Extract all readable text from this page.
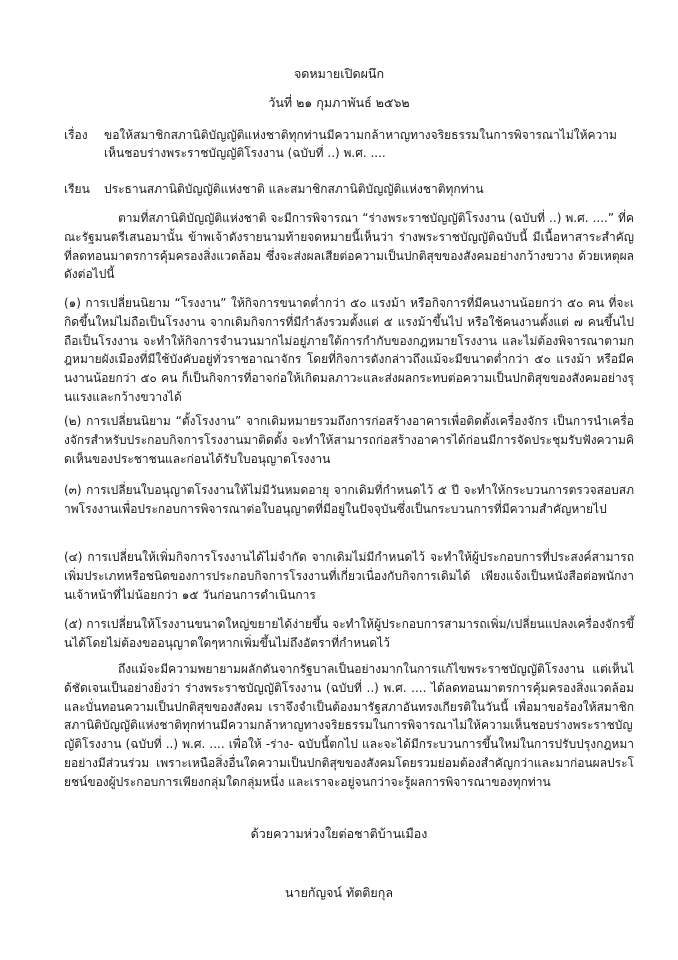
จดหมายเปิดผนึก
วันที่ ๒๑ กุมภาพันธ์ ๒๕๖๒
เรื่อง	ขอให้สมาชิกสภานิติบัญญัติแห่งชาติทุกท่านมีความกล้าหาญทางจริยธรรมในการพิจารณาไม่ให้ความเห็นชอบร่างพระราชบัญญัติโรงงาน (ฉบับที่ ..) พ.ศ. ....
เรียน	ประธานสภานิติบัญญัติแห่งชาติ และสมาชิกสภานิติบัญญัติแห่งชาติทุกท่าน
ตามที่สภานิติบัญญัติแห่งชาติ จะมีการพิจารณา “ร่างพระราชบัญญัติโรงงาน (ฉบับที่ ..) พ.ศ. ....” ที่คณะรัฐมนตรีเสนอมานั้น ข้าพเจ้าดังรายนามท้ายจดหมายนี้เห็นว่า ร่างพระราชบัญญัติฉบับนี้ มีเนื้อหาสาระสำคัญที่ลดทอนมาตรการคุ้มครองสิ่งแวดล้อม ซึ่งจะส่งผลเสียต่อความเป็นปกติสุขของสังคมอย่างกว้างขวาง ด้วยเหตุผลดังต่อไปนี้
(๑) การเปลี่ยนนิยาม “โรงงาน” ให้กิจการขนาดต่ำกว่า ๕๐ แรงม้า หรือกิจการที่มีคนงานน้อยกว่า ๕๐ คน ที่จะเกิดขึ้นใหม่ไม่ถือเป็นโรงงาน จากเดิมกิจการที่มีกำลังรวมตั้งแต่ ๕ แรงม้าขึ้นไป หรือใช้คนงานตั้งแต่ ๗ คนขึ้นไปถือเป็นโรงงาน จะทำให้กิจการจำนวนมากไม่อยู่ภายใต้การกำกับของกฎหมายโรงงาน และไม่ต้องพิจารณาตามกฎหมายผังเมืองที่มีใช้บังคับอยู่ทั่วราชอาณาจักร โดยที่กิจการดังกล่าวถึงแม้จะมีขนาดต่ำกว่า ๕๐ แรงม้า หรือมีคนงานน้อยกว่า ๕๐ คน ก็เป็นกิจการที่อาจก่อให้เกิดมลภาวะและส่งผลกระทบต่อความเป็นปกติสุขของสังคมอย่างรุนแรงและกว้างขวางได้
(๒) การเปลี่ยนนิยาม “ตั้งโรงงาน” จากเดิมหมายรวมถึงการก่อสร้างอาคารเพื่อติดตั้งเครื่องจักร เป็นการนำเครื่องจักรสำหรับประกอบกิจการโรงงานมาติดตั้ง จะทำให้สามารถก่อสร้างอาคารได้ก่อนมีการจัดประชุมรับฟังความคิดเห็นของประชาชนและก่อนได้รับใบอนุญาตโรงงาน
(๓) การเปลี่ยนใบอนุญาตโรงงานให้ไม่มีวันหมดอายุ จากเดิมที่กำหนดไว้ ๕ ปี จะทำให้กระบวนการตรวจสอบสภาพโรงงานเพื่อประกอบการพิจารณาต่อใบอนุญาตที่มีอยู่ในปัจจุบันซึ่งเป็นกระบวนการที่มีความสำคัญหายไป
(๔) การเปลี่ยนให้เพิ่มกิจการโรงงานได้ไม่จำกัด จากเดิมไม่มีกำหนดไว้ จะทำให้ผู้ประกอบการที่ประสงค์สามารถเพิ่มประเภทหรือชนิดของการประกอบกิจการโรงงานที่เกี่ยวเนื่องกับกิจการเดิมได้ เพียงแจ้งเป็นหนังสือต่อพนักงานเจ้าหน้าที่ไม่น้อยกว่า ๑๕ วันก่อนการดำเนินการ
(๕) การเปลี่ยนให้โรงงานขนาดใหญ่ขยายได้ง่ายขึ้น จะทำให้ผู้ประกอบการสามารถเพิ่ม/เปลี่ยนแปลงเครื่องจักรขึ้นได้โดยไม่ต้องขออนุญาตใดๆหากเพิ่มขึ้นไม่ถึงอัตราที่กำหนดไว้
ถึงแม้จะมีความพยายามผลักดันจากรัฐบาลเป็นอย่างมากในการแก้ไขพระราชบัญญัติโรงงาน แต่เห็นได้ชัดเจนเป็นอย่างยิ่งว่า ร่างพระราชบัญญัติโรงงาน (ฉบับที่ ..) พ.ศ. .... ได้ลดทอนมาตรการคุ้มครองสิ่งแวดล้อมและบั่นทอนความเป็นปกติสุขของสังคม เราจึงจำเป็นต้องมารัฐสภาอันทรงเกียรติในวันนี้ เพื่อมาขอร้องให้สมาชิกสภานิติบัญญัติแห่งชาติทุกท่านมีความกล้าหาญทางจริยธรรมในการพิจารณาไม่ให้ความเห็นชอบร่างพระราชบัญญัติโรงงาน (ฉบับที่ ..) พ.ศ. .... เพื่อให้ -ร่าง- ฉบับนี้ตกไป และจะได้มีกระบวนการขึ้นใหม่ในการปรับปรุงกฎหมายอย่างมีส่วนร่วม เพราะเหนือสิ่งอื่นใดความเป็นปกติสุขของสังคมโดยรวมย่อมต้องสำคัญกว่าและมาก่อนผลประโยชน์ของผู้ประกอบการเพียงกลุ่มใดกลุ่มหนึ่ง และเราจะอยู่จนกว่าจะรู้ผลการพิจารณาของทุกท่าน
ด้วยความห่วงใยต่อชาติบ้านเมือง
นายกัญจน์ ทัตติยกุล
